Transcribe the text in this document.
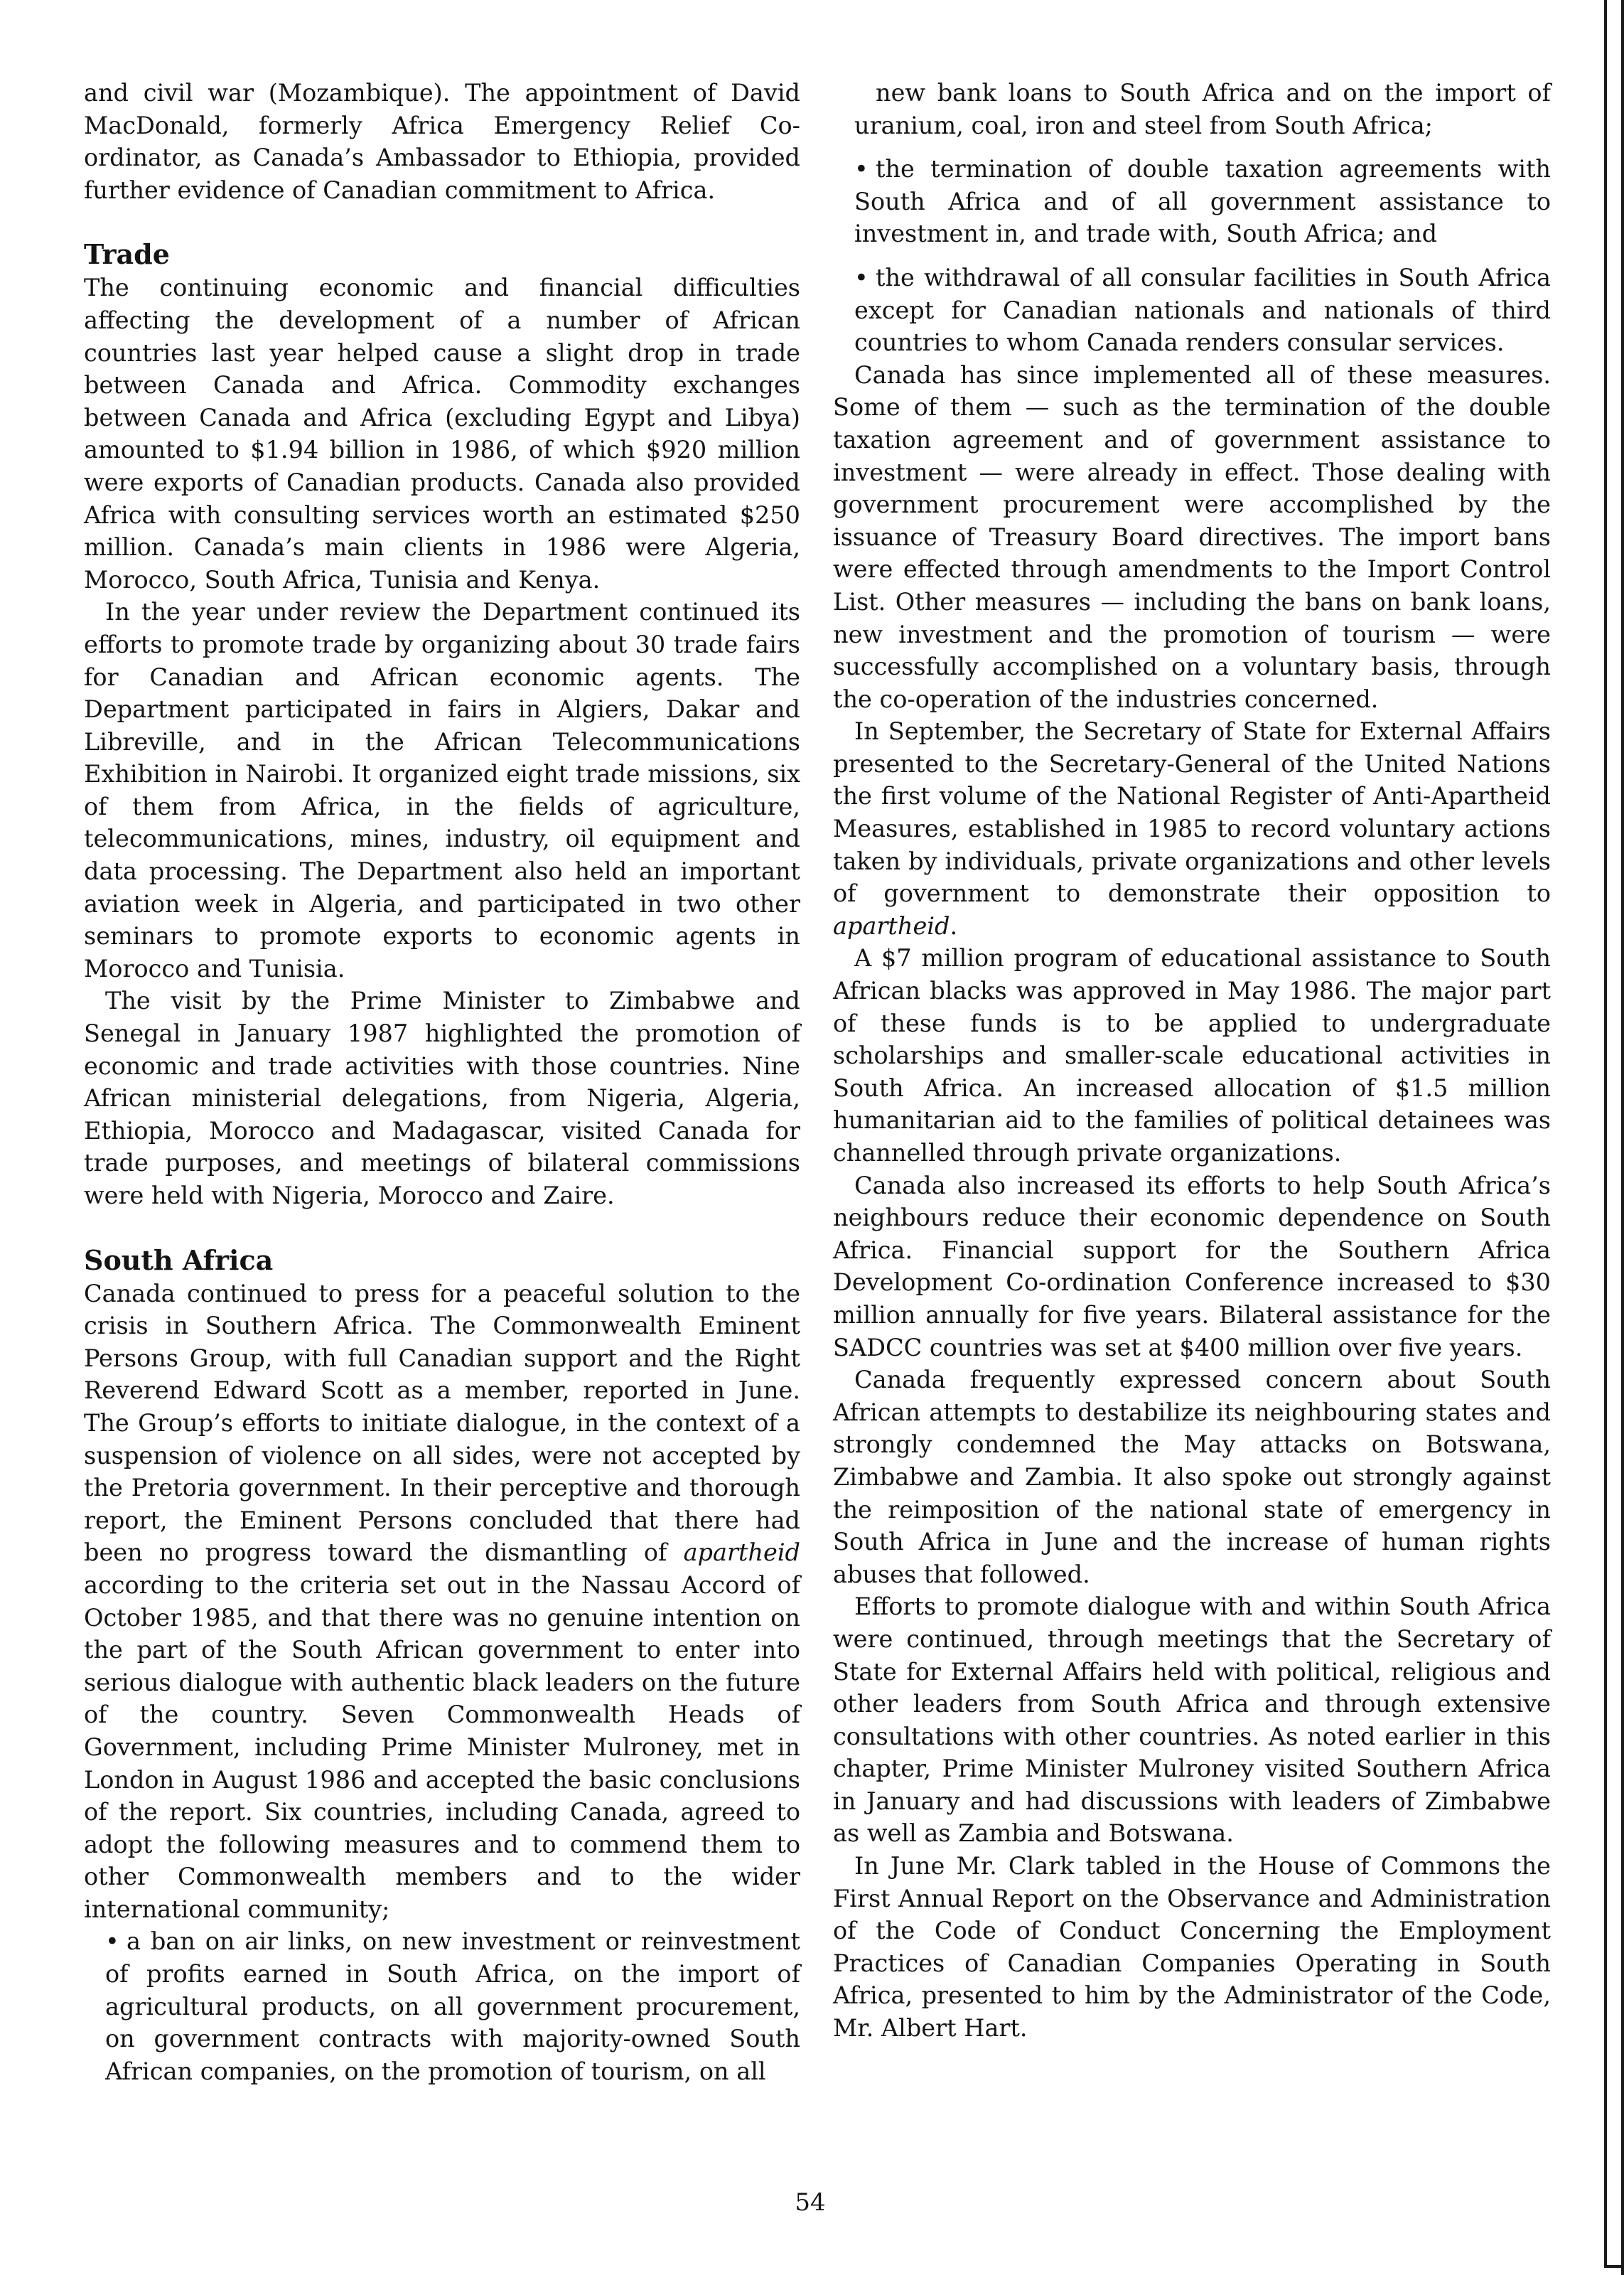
and civil war (Mozambique). The appointment of David MacDonald, formerly Africa Emergency Relief Co-ordinator, as Canada’s Ambassador to Ethiopia, provided further evidence of Canadian commitment to Africa.

Trade

The continuing economic and financial difficulties affecting the development of a number of African countries last year helped cause a slight drop in trade between Canada and Africa. Commodity exchanges between Canada and Africa (excluding Egypt and Libya) amounted to $1.94 billion in 1986, of which $920 million were exports of Canadian products. Canada also provided Africa with consulting services worth an estimated $250 million. Canada’s main clients in 1986 were Algeria, Morocco, South Africa, Tunisia and Kenya.

In the year under review the Department continued its efforts to promote trade by organizing about 30 trade fairs for Canadian and African economic agents. The Department participated in fairs in Algiers, Dakar and Libreville, and in the African Telecommunications Exhibition in Nairobi. It organized eight trade missions, six of them from Africa, in the fields of agriculture, telecommunications, mines, industry, oil equipment and data processing. The Department also held an important aviation week in Algeria, and participated in two other seminars to promote exports to economic agents in Morocco and Tunisia.

The visit by the Prime Minister to Zimbabwe and Senegal in January 1987 highlighted the promotion of economic and trade activities with those countries. Nine African ministerial delegations, from Nigeria, Algeria, Ethiopia, Morocco and Madagascar, visited Canada for trade purposes, and meetings of bilateral commissions were held with Nigeria, Morocco and Zaire.

South Africa

Canada continued to press for a peaceful solution to the crisis in Southern Africa. The Commonwealth Eminent Persons Group, with full Canadian support and the Right Reverend Edward Scott as a member, reported in June. The Group’s efforts to initiate dialogue, in the context of a suspension of violence on all sides, were not accepted by the Pretoria government. In their perceptive and thorough report, the Eminent Persons concluded that there had been no progress toward the dismantling of apartheid according to the criteria set out in the Nassau Accord of October 1985, and that there was no genuine intention on the part of the South African government to enter into serious dialogue with authentic black leaders on the future of the country. Seven Commonwealth Heads of Government, including Prime Minister Mulroney, met in London in August 1986 and accepted the basic conclusions of the report. Six countries, including Canada, agreed to adopt the following measures and to commend them to other Commonwealth members and to the wider international community;

• a ban on air links, on new investment or reinvestment of profits earned in South Africa, on the import of agricultural products, on all government procurement, on government contracts with majority-owned South African companies, on the promotion of tourism, on all

new bank loans to South Africa and on the import of uranium, coal, iron and steel from South Africa;

• the termination of double taxation agreements with South Africa and of all government assistance to investment in, and trade with, South Africa; and

• the withdrawal of all consular facilities in South Africa except for Canadian nationals and nationals of third countries to whom Canada renders consular services.

Canada has since implemented all of these measures. Some of them — such as the termination of the double taxation agreement and of government assistance to investment — were already in effect. Those dealing with government procurement were accomplished by the issuance of Treasury Board directives. The import bans were effected through amendments to the Import Control List. Other measures — including the bans on bank loans, new investment and the promotion of tourism — were successfully accomplished on a voluntary basis, through the co-operation of the industries concerned.

In September, the Secretary of State for External Affairs presented to the Secretary-General of the United Nations the first volume of the National Register of Anti-Apartheid Measures, established in 1985 to record voluntary actions taken by individuals, private organizations and other levels of government to demonstrate their opposition to apartheid.

A $7 million program of educational assistance to South African blacks was approved in May 1986. The major part of these funds is to be applied to undergraduate scholarships and smaller-scale educational activities in South Africa. An increased allocation of $1.5 million humanitarian aid to the families of political detainees was channelled through private organizations.

Canada also increased its efforts to help South Africa’s neighbours reduce their economic dependence on South Africa. Financial support for the Southern Africa Development Co-ordination Conference increased to $30 million annually for five years. Bilateral assistance for the SADCC countries was set at $400 million over five years.

Canada frequently expressed concern about South African attempts to destabilize its neighbouring states and strongly condemned the May attacks on Botswana, Zimbabwe and Zambia. It also spoke out strongly against the reimposition of the national state of emergency in South Africa in June and the increase of human rights abuses that followed.

Efforts to promote dialogue with and within South Africa were continued, through meetings that the Secretary of State for External Affairs held with political, religious and other leaders from South Africa and through extensive consultations with other countries. As noted earlier in this chapter, Prime Minister Mulroney visited Southern Africa in January and had discussions with leaders of Zimbabwe as well as Zambia and Botswana.

In June Mr. Clark tabled in the House of Commons the First Annual Report on the Observance and Administration of the Code of Conduct Concerning the Employment Practices of Canadian Companies Operating in South Africa, presented to him by the Administrator of the Code, Mr. Albert Hart.

54
